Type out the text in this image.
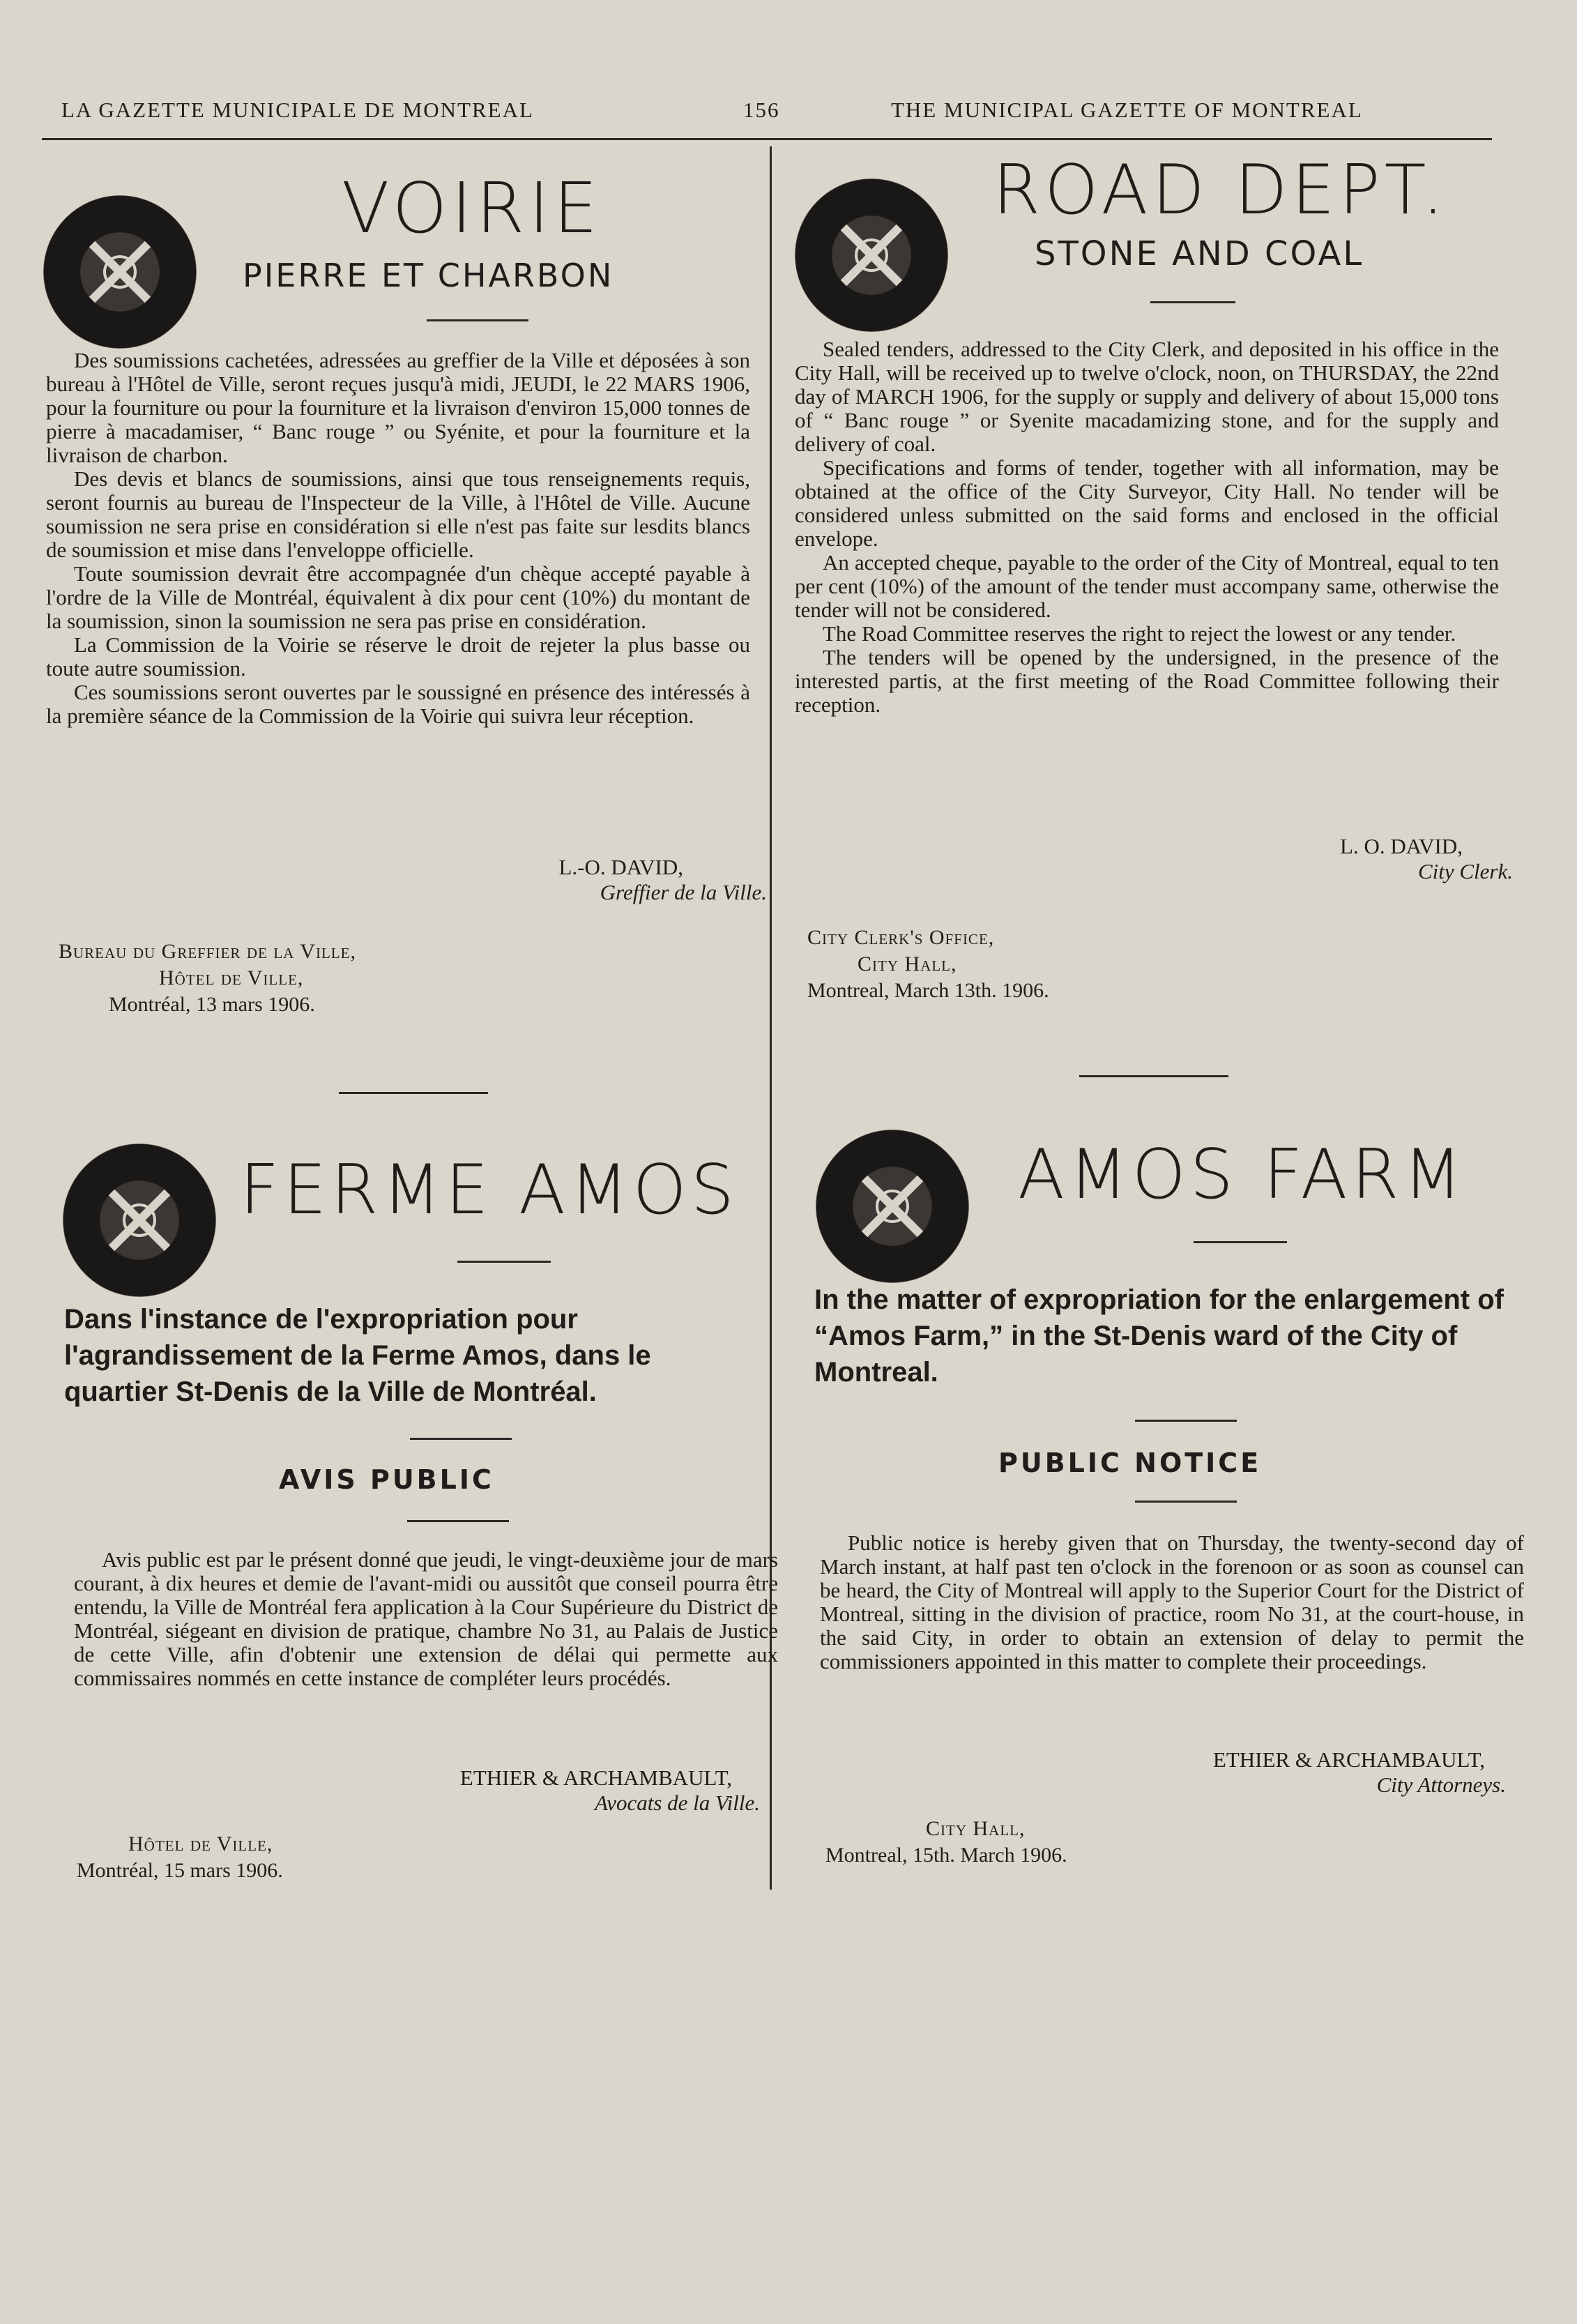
LA GAZETTE MUNICIPALE DE MONTREAL	156	THE MUNICIPAL GAZETTE OF MONTREAL
VOIRIE
PIERRE ET CHARBON

Des soumissions cachetées, adressées au greffier de la Ville et déposées à son bureau à l'Hôtel de Ville, seront reçues jusqu'à midi, JEUDI, le 22 MARS 1906, pour la fourniture ou pour la fourniture et la livraison d'environ 15,000 tonnes de pierre à macadamiser, “ Banc rouge ” ou Syénite, et pour la fourniture et la livraison de charbon.

Des devis et blancs de soumissions, ainsi que tous renseignements requis, seront fournis au bureau de l'Inspecteur de la Ville, à l'Hôtel de Ville. Aucune soumission ne sera prise en considération si elle n'est pas faite sur lesdits blancs de soumission et mise dans l'enveloppe officielle.

Toute soumission devrait être accompagnée d'un chèque accepté payable à l'ordre de la Ville de Montréal, équivalent à dix pour cent (10%) du montant de la soumission, sinon la soumission ne sera pas prise en considération.

La Commission de la Voirie se réserve le droit de rejeter la plus basse ou toute autre soumission.

Ces soumissions seront ouvertes par le soussigné en présence des intéressés à la première séance de la Commission de la Voirie qui suivra leur réception.

L.-O. DAVID,
Greffier de la Ville.
Bureau du Greffier de la Ville,
Hôtel de Ville,
Montréal, 13 mars 1906.
ROAD DEPT.
STONE AND COAL

Sealed tenders, addressed to the City Clerk, and deposited in his office in the City Hall, will be received up to twelve o'clock, noon, on THURSDAY, the 22nd day of MARCH 1906, for the supply or supply and delivery of about 15,000 tons of “ Banc rouge ” or Syenite macadamizing stone, and for the supply and delivery of coal.

Specifications and forms of tender, together with all information, may be obtained at the office of the City Surveyor, City Hall. No tender will be considered unless submitted on the said forms and enclosed in the official envelope.

An accepted cheque, payable to the order of the City of Montreal, equal to ten per cent (10%) of the amount of the tender must accompany same, otherwise the tender will not be considered.

The Road Committee reserves the right to reject the lowest or any tender.

The tenders will be opened by the undersigned, in the presence of the interested partis, at the first meeting of the Road Committee following their reception.

L. O. DAVID,
City Clerk.
City Clerk's Office,
City Hall,
Montreal, March 13th. 1906.
FERME AMOS
Dans l'instance de l'expropriation pour l'agrandissement de la Ferme Amos, dans le quartier St-Denis de la Ville de Montréal.
AVIS PUBLIC

Avis public est par le présent donné que jeudi, le vingt-deuxième jour de mars courant, à dix heures et demie de l'avant-midi ou aussitôt que conseil pourra être entendu, la Ville de Montréal fera application à la Cour Supérieure du District de Montréal, siégeant en division de pratique, chambre No 31, au Palais de Justice de cette Ville, afin d'obtenir une extension de délai qui permette aux commissaires nommés en cette instance de compléter leurs procédés.

ETHIER & ARCHAMBAULT,
Avocats de la Ville.
Hôtel de Ville,
Montréal, 15 mars 1906.
AMOS FARM
In the matter of expropriation for the enlargement of “Amos Farm,” in the St-Denis ward of the City of Montreal.
PUBLIC NOTICE

Public notice is hereby given that on Thursday, the twenty-second day of March instant, at half past ten o'clock in the forenoon or as soon as counsel can be heard, the City of Montreal will apply to the Superior Court for the District of Montreal, sitting in the division of practice, room No 31, at the court-house, in the said City, in order to obtain an extension of delay to permit the commissioners appointed in this matter to complete their proceedings.

ETHIER & ARCHAMBAULT,
City Attorneys.
City Hall,
Montreal, 15th. March 1906.
